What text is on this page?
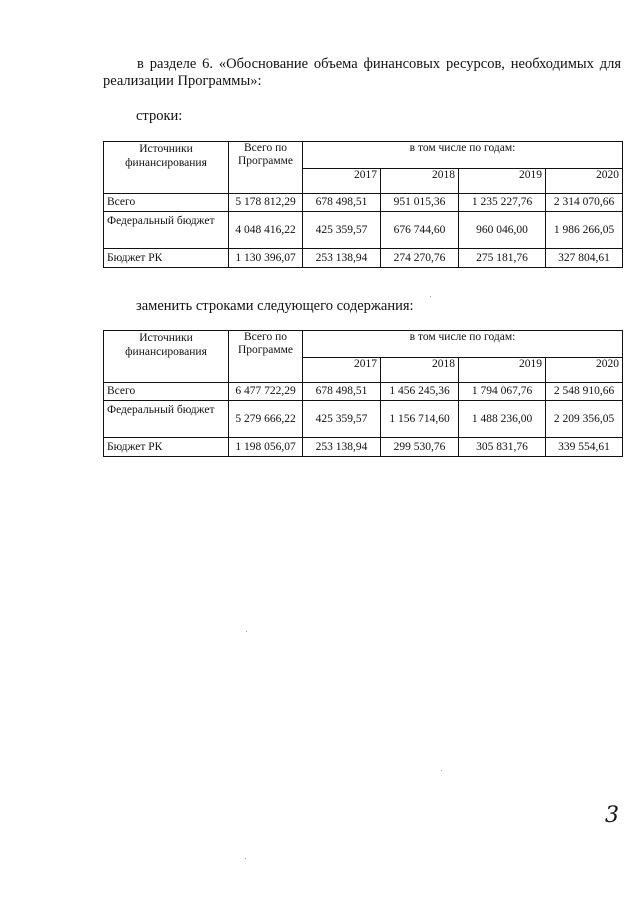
в разделе 6. «Обоснование объема финансовых ресурсов, необходимых для реализации Программы»:
строки:
Источники финансирования	Всего по Программе	в том числе по годам:			
		2017	2018	2019	2020
Всего	5 178 812,29	678 498,51	951 015,36	1 235 227,76	2 314 070,66
Федеральный бюджет	4 048 416,22	425 359,57	676 744,60	960 046,00	1 986 266,05
Бюджет РК	1 130 396,07	253 138,94	274 270,76	275 181,76	327 804,61
заменить строками следующего содержания:
Источники финансирования	Всего по Программе	в том числе по годам:			
		2017	2018	2019	2020
Всего	6 477 722,29	678 498,51	1 456 245,36	1 794 067,76	2 548 910,66
Федеральный бюджет	5 279 666,22	425 359,57	1 156 714,60	1 488 236,00	2 209 356,05
Бюджет РК	1 198 056,07	253 138,94	299 530,76	305 831,76	339 554,61
3
